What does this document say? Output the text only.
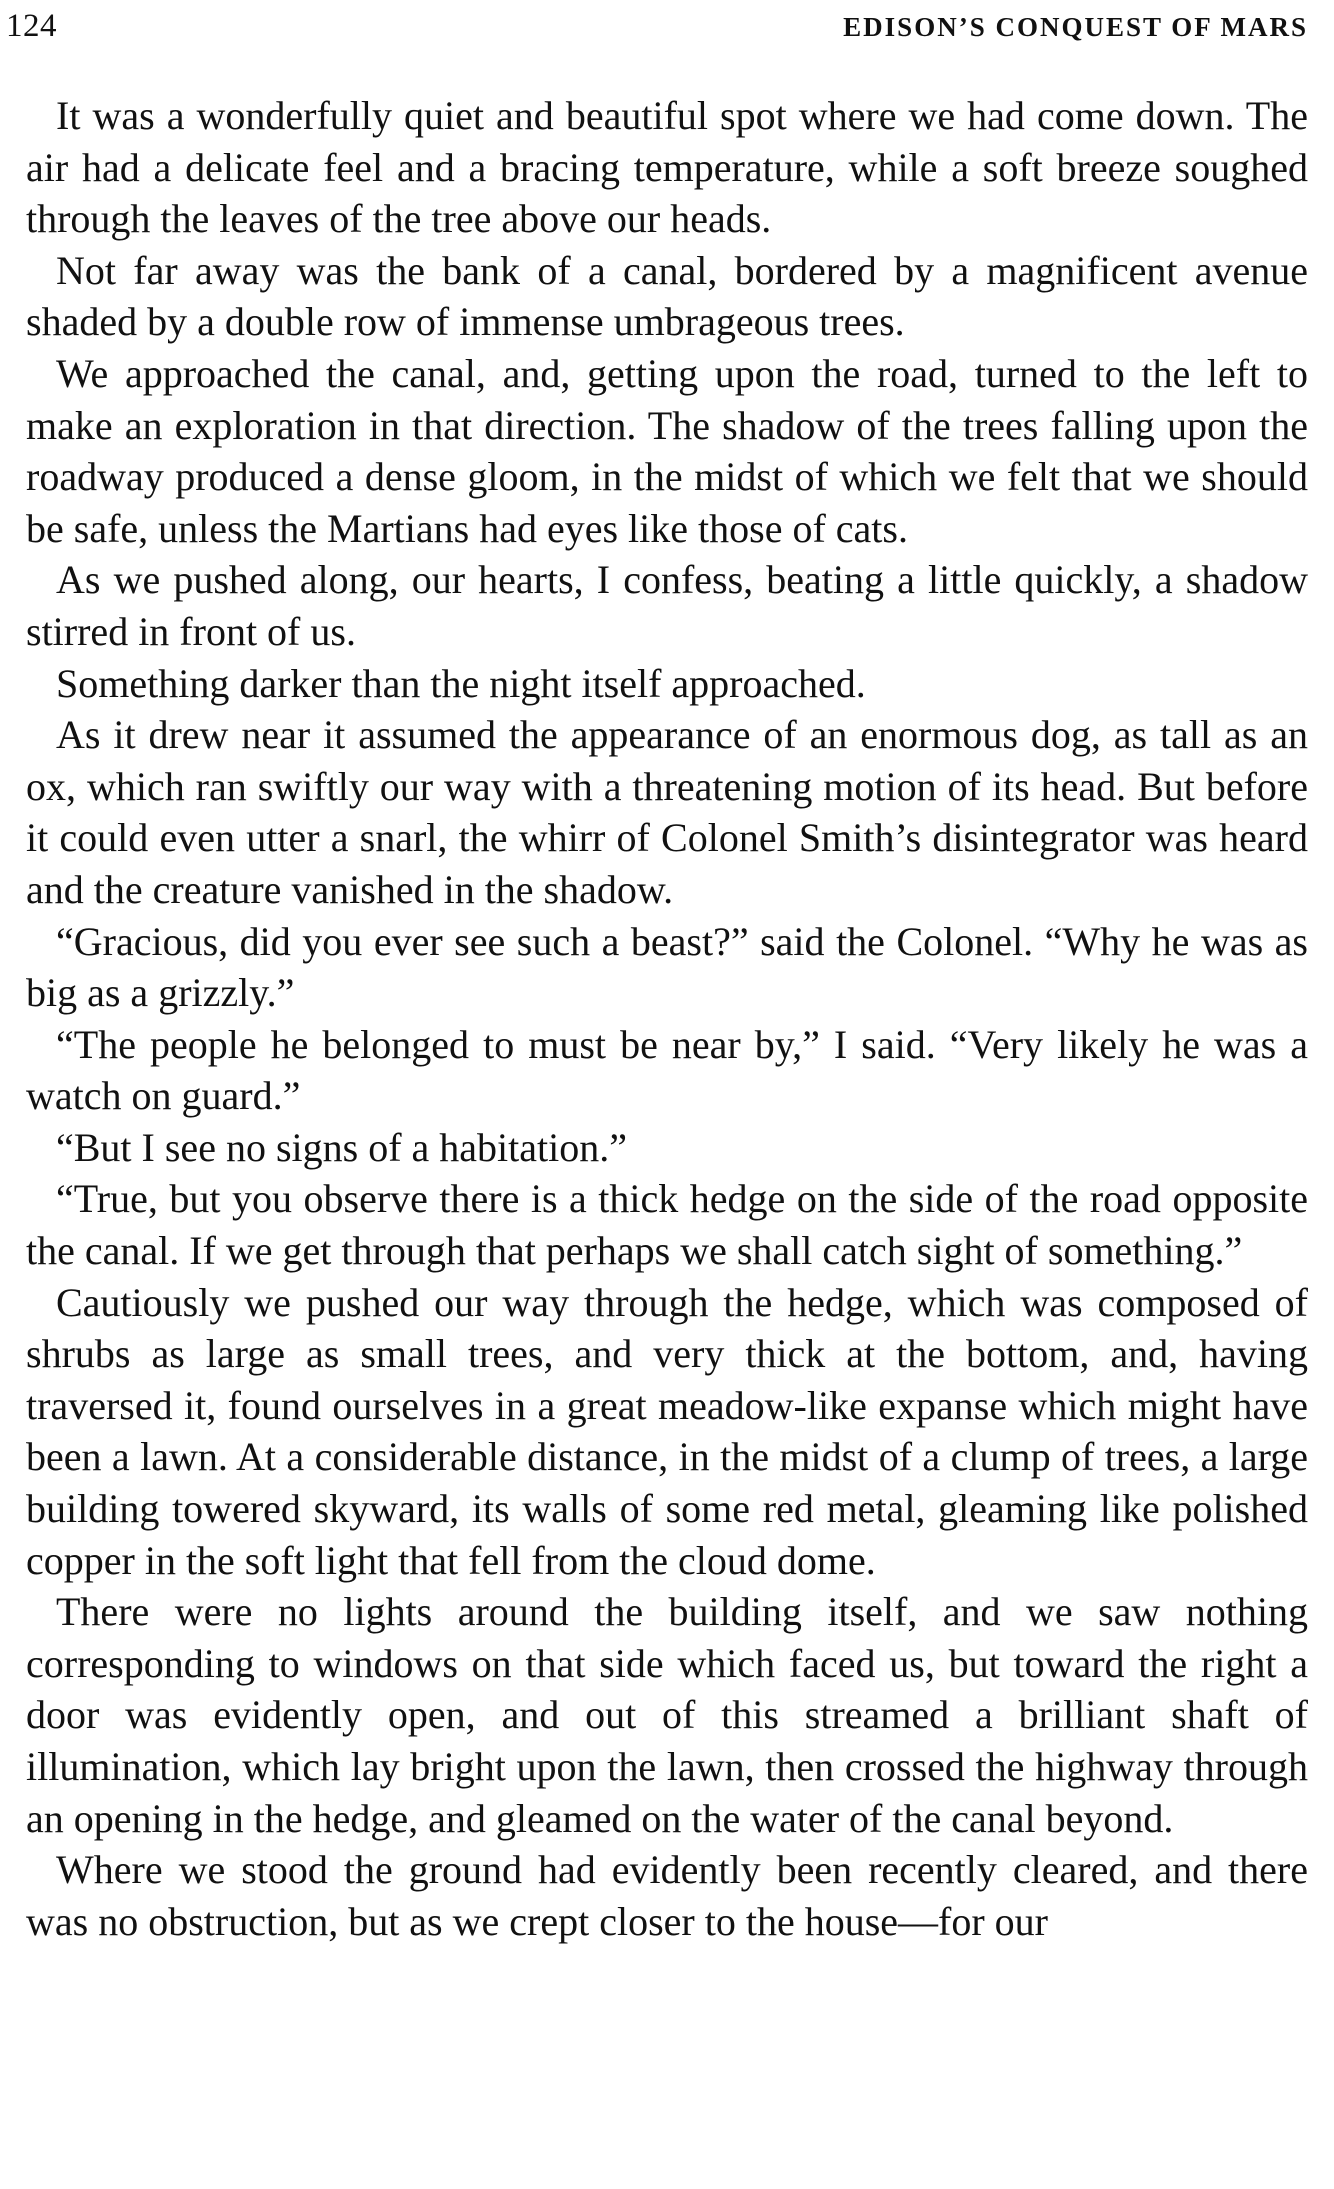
124	EDISON’S CONQUEST OF MARS

It was a wonderfully quiet and beautiful spot where we had come down. The air had a delicate feel and a bracing temperature, while a soft breeze soughed through the leaves of the tree above our heads.

Not far away was the bank of a canal, bordered by a magnificent avenue shaded by a double row of immense umbrageous trees.

We approached the canal, and, getting upon the road, turned to the left to make an exploration in that direction. The shadow of the trees falling upon the roadway produced a dense gloom, in the midst of which we felt that we should be safe, unless the Martians had eyes like those of cats.

As we pushed along, our hearts, I confess, beating a little quickly, a shadow stirred in front of us.

Something darker than the night itself approached.

As it drew near it assumed the appearance of an enormous dog, as tall as an ox, which ran swiftly our way with a threatening motion of its head. But before it could even utter a snarl, the whirr of Colonel Smith’s disintegrator was heard and the creature vanished in the shadow.

“Gracious, did you ever see such a beast?” said the Colonel. “Why he was as big as a grizzly.”

“The people he belonged to must be near by,” I said. “Very likely he was a watch on guard.”

“But I see no signs of a habitation.”

“True, but you observe there is a thick hedge on the side of the road opposite the canal. If we get through that perhaps we shall catch sight of something.”

Cautiously we pushed our way through the hedge, which was composed of shrubs as large as small trees, and very thick at the bottom, and, having traversed it, found ourselves in a great meadow-like expanse which might have been a lawn. At a considerable distance, in the midst of a clump of trees, a large building towered skyward, its walls of some red metal, gleaming like polished copper in the soft light that fell from the cloud dome.

There were no lights around the building itself, and we saw nothing corresponding to windows on that side which faced us, but toward the right a door was evidently open, and out of this streamed a brilliant shaft of illumination, which lay bright upon the lawn, then crossed the highway through an opening in the hedge, and gleamed on the water of the canal beyond.

Where we stood the ground had evidently been recently cleared, and there was no obstruction, but as we crept closer to the house—for our
